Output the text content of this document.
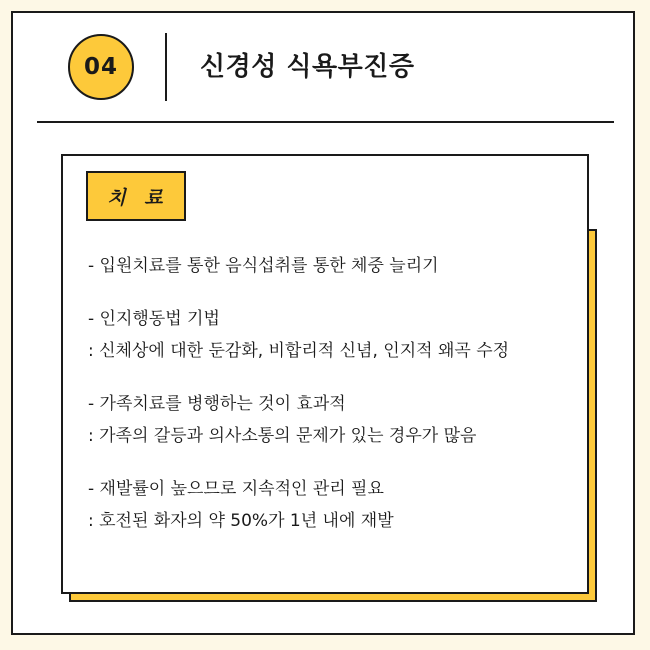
04	신경성 식욕부진증
치 료
- 입원치료를 통한 음식섭취를 통한 체중 늘리기
- 인지행동법 기법
: 신체상에 대한 둔감화, 비합리적 신념, 인지적 왜곡 수정
- 가족치료를 병행하는 것이 효과적
: 가족의 갈등과 의사소통의 문제가 있는 경우가 많음
- 재발률이 높으므로 지속적인 관리 필요
: 호전된 화자의 약 50%가 1년 내에 재발
